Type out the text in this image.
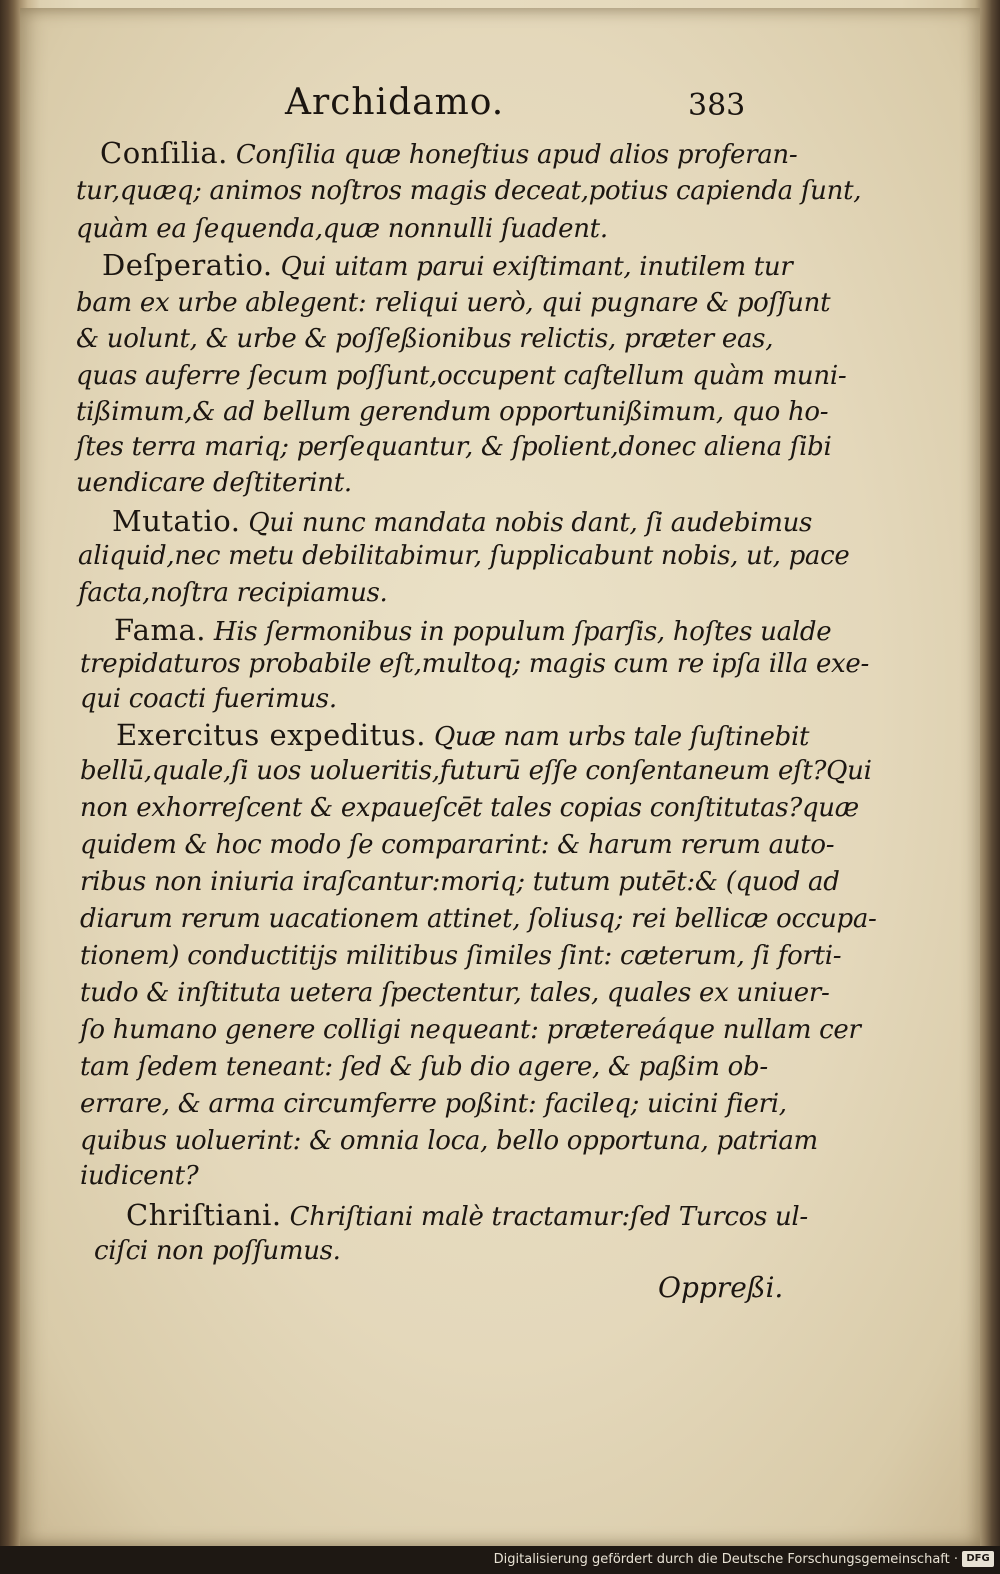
Archidamo.	383
Conſilia. Conſilia quæ honeſtius apud alios proferan-
tur,quæq; animos noſtros magis deceat,potius capienda ſunt,
quàm ea ſequenda,quæ nonnulli ſuadent.
Deſperatio. Qui uitam parui exiſtimant, inutilem tur
bam ex urbe ablegent: reliqui uerò, qui pugnare & poſſunt
& uolunt, & urbe & poſſeßionibus relictis, præter eas,
quas auferre ſecum poſſunt,occupent caſtellum quàm muni-
tißimum,& ad bellum gerendum opportunißimum, quo ho-
ſtes terra mariq; perſequantur, & ſpolient,donec aliena ſibi
uendicare deſtiterint.
Mutatio. Qui nunc mandata nobis dant, ſi audebimus
aliquid,nec metu debilitabimur, ſupplicabunt nobis, ut, pace
facta,noſtra recipiamus.
Fama. His ſermonibus in populum ſparſis, hoſtes ualde
trepidaturos probabile eſt,multoq; magis cum re ipſa illa exe-
qui coacti fuerimus.
Exercitus expeditus. Quæ nam urbs tale ſuſtinebit
bellū,quale,ſi uos uolueritis,futurū eſſe conſentaneum eſt?Qui
non exhorreſcent & expaueſcēt tales copias conſtitutas?quæ
quidem & hoc modo ſe compararint: & harum rerum auto-
ribus non iniuria iraſcantur:moriq; tutum putēt:& (quod ad
diarum rerum uacationem attinet, ſoliusq; rei bellicæ occupa-
tionem) conductitijs militibus ſimiles ſint: cæterum, ſi forti-
tudo & inſtituta uetera ſpectentur, tales, quales ex uniuer-
ſo humano genere colligi nequeant: prætereáque nullam cer
tam ſedem teneant: ſed & ſub dio agere, & paßim ob-
errare, & arma circumferre poßint: facileq; uicini fieri,
quibus uoluerint: & omnia loca, bello opportuna, patriam
iudicent?
Chriſtiani. Chriſtiani malè tractamur:ſed Turcos ul-
ciſci non poſſumus.
Oppreßi.
Digitalisierung gefördert durch die Deutsche Forschungsgemeinschaft · DFG
